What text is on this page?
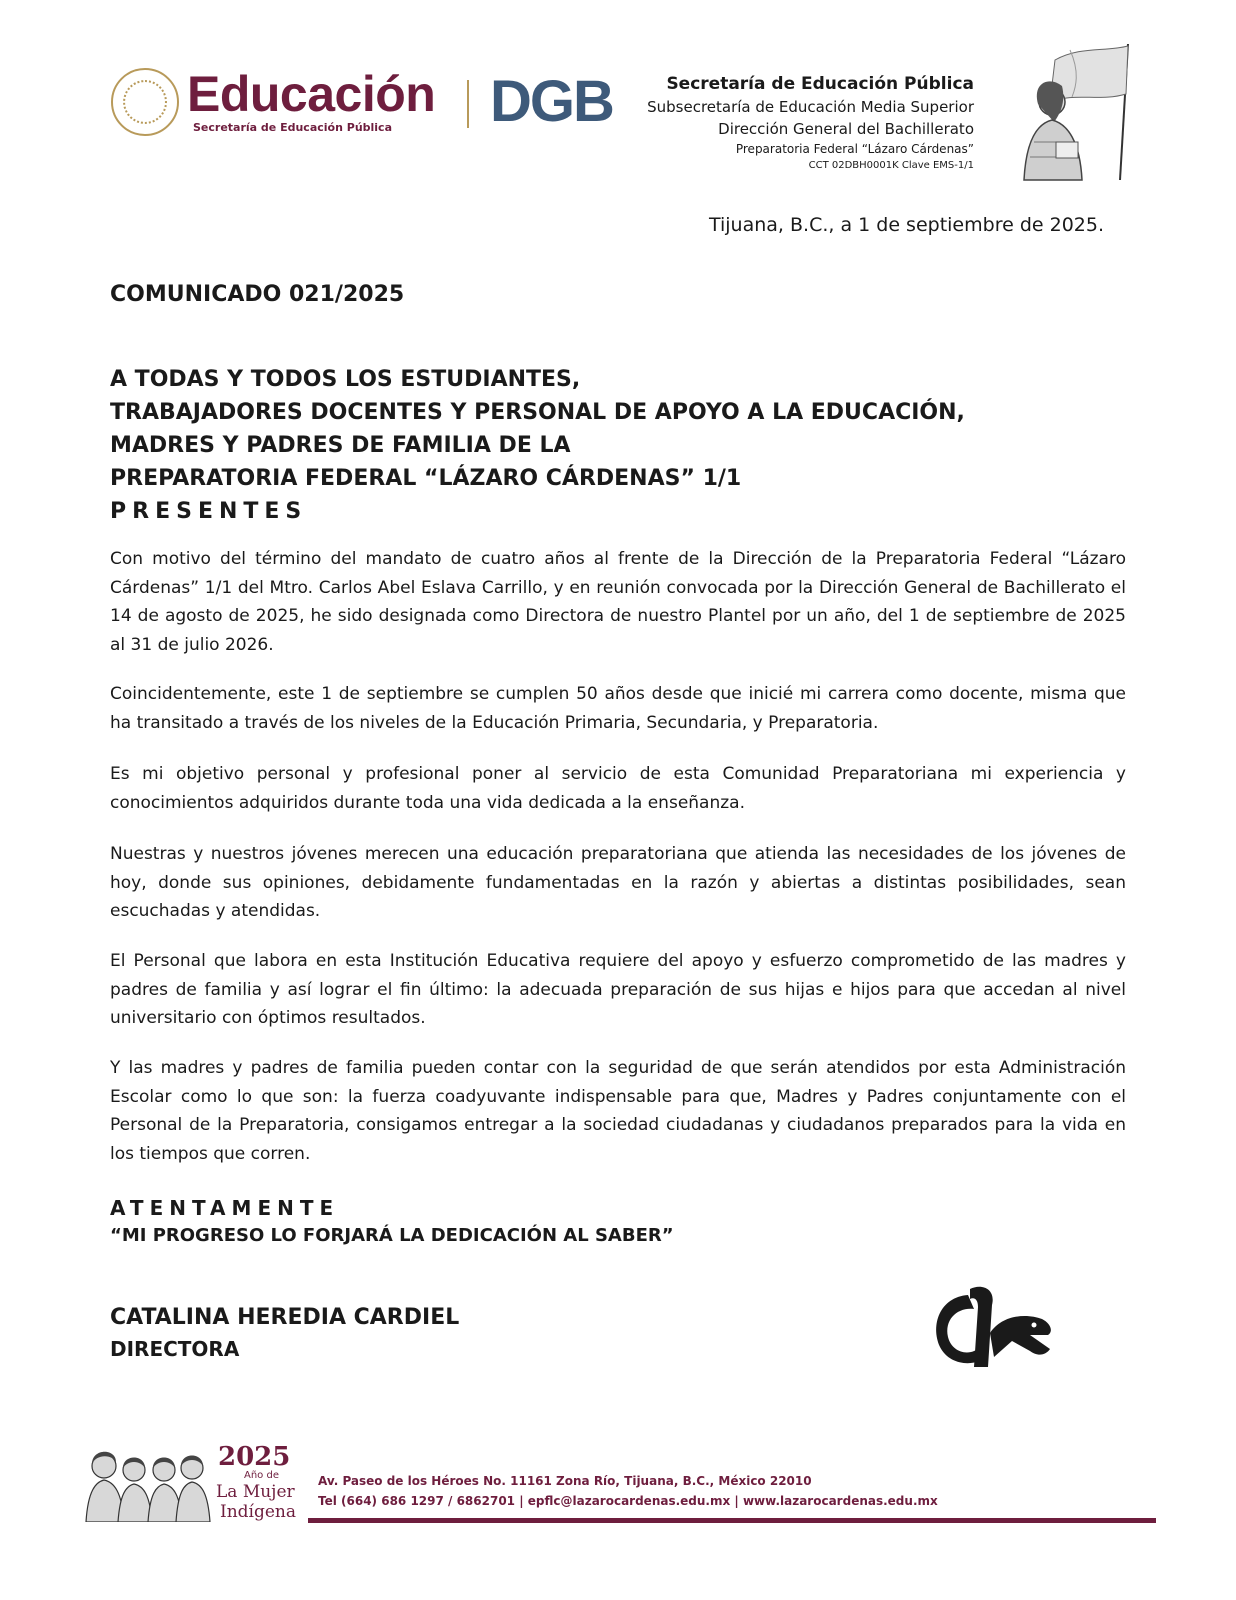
Educación
Secretaría de Educación Pública DGB	Secretaría de Educación Pública
Subsecretaría de Educación Media Superior
Dirección General del Bachillerato
Preparatoria Federal “Lázaro Cárdenas”
CCT 02DBH0001K Clave EMS-1/1
Tijuana, B.C., a 1 de septiembre de 2025.
COMUNICADO 021/2025
A TODAS Y TODOS LOS ESTUDIANTES,
TRABAJADORES DOCENTES Y PERSONAL DE APOYO A LA EDUCACIÓN,
MADRES Y PADRES DE FAMILIA DE LA
PREPARATORIA FEDERAL “LÁZARO CÁRDENAS” 1/1
PRESENTES
Con motivo del término del mandato de cuatro años al frente de la Dirección de la Preparatoria Federal “Lázaro Cárdenas” 1/1 del Mtro. Carlos Abel Eslava Carrillo, y en reunión convocada por la Dirección General de Bachillerato el 14 de agosto de 2025, he sido designada como Directora de nuestro Plantel por un año, del 1 de septiembre de 2025 al 31 de julio 2026.
Coincidentemente, este 1 de septiembre se cumplen 50 años desde que inicié mi carrera como docente, misma que ha transitado a través de los niveles de la Educación Primaria, Secundaria, y Preparatoria.
Es mi objetivo personal y profesional poner al servicio de esta Comunidad Preparatoriana mi experiencia y conocimientos adquiridos durante toda una vida dedicada a la enseñanza.
Nuestras y nuestros jóvenes merecen una educación preparatoriana que atienda las necesidades de los jóvenes de hoy, donde sus opiniones, debidamente fundamentadas en la razón y abiertas a distintas posibilidades, sean escuchadas y atendidas.
El Personal que labora en esta Institución Educativa requiere del apoyo y esfuerzo comprometido de las madres y padres de familia y así lograr el fin último: la adecuada preparación de sus hijas e hijos para que accedan al nivel universitario con óptimos resultados.
Y las madres y padres de familia pueden contar con la seguridad de que serán atendidos por esta Administración Escolar como lo que son: la fuerza coadyuvante indispensable para que, Madres y Padres conjuntamente con el Personal de la Preparatoria, consigamos entregar a la sociedad ciudadanas y ciudadanos preparados para la vida en los tiempos que corren.
ATENTAMENTE
“MI PROGRESO LO FORJARÁ LA DEDICACIÓN AL SABER”
CATALINA HEREDIA CARDIEL
DIRECTORA
2025
Año de
La Mujer
Indígena
Av. Paseo de los Héroes No. 11161 Zona Río, Tijuana, B.C., México 22010
Tel (664) 686 1297 / 6862701 | epflc@lazarocardenas.edu.mx | www.lazarocardenas.edu.mx
